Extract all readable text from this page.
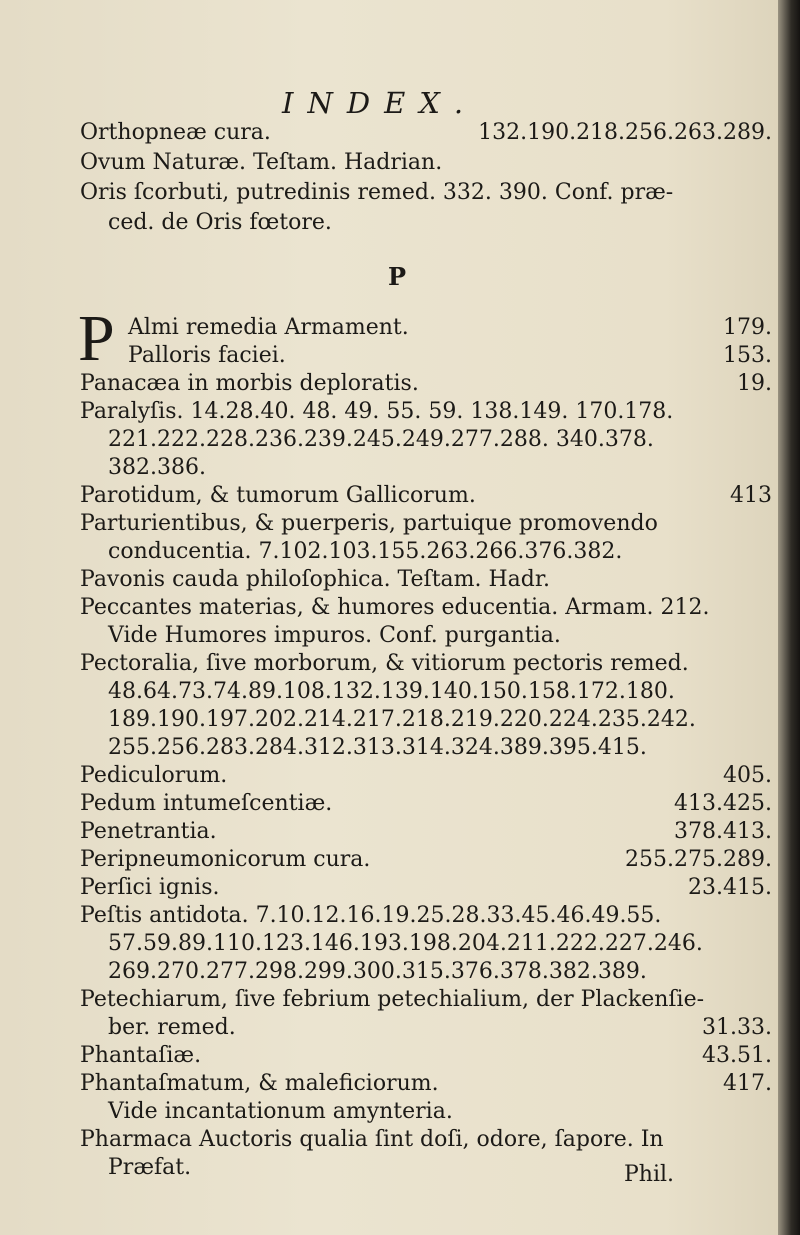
INDEX.
P
P
Orthopneæ cura.	132.190.218.256.263.289.
Ovum Naturæ. Teſtam. Hadrian.
Oris ſcorbuti, putredinis remed. 332. 390. Conf. præ-
ced. de Oris fœtore.
Almi remedia Armament.	179.
Palloris faciei.	153.
Panacæa in morbis deploratis.	19.
Paralyſis. 14.28.40. 48. 49. 55. 59. 138.149. 170.178.
221.222.228.236.239.245.249.277.288. 340.378.
382.386.
Parotidum, & tumorum Gallicorum.	413
Parturientibus, & puerperis, partuique promovendo
conducentia. 7.102.103.155.263.266.376.382.
Pavonis cauda philoſophica. Teſtam. Hadr.
Peccantes materias, & humores educentia. Armam. 212.
Vide Humores impuros. Conf. purgantia.
Pectoralia, ſive morborum, & vitiorum pectoris remed.
48.64.73.74.89.108.132.139.140.150.158.172.180.
189.190.197.202.214.217.218.219.220.224.235.242.
255.256.283.284.312.313.314.324.389.395.415.
Pediculorum.	405.
Pedum intumeſcentiæ.	413.425.
Penetrantia.	378.413.
Peripneumonicorum cura.	255.275.289.
Perſici ignis.	23.415.
Peſtis antidota. 7.10.12.16.19.25.28.33.45.46.49.55.
57.59.89.110.123.146.193.198.204.211.222.227.246.
269.270.277.298.299.300.315.376.378.382.389.
Petechiarum, ſive febrium petechialium, der Plackenſie-
ber. remed.	31.33.
Phantaſiæ.	43.51.
Phantaſmatum, & maleficiorum.	417.
Vide incantationum amynteria.
Pharmaca Auctoris qualia ſint doſi, odore, ſapore. In
Præfat.	Phil.
